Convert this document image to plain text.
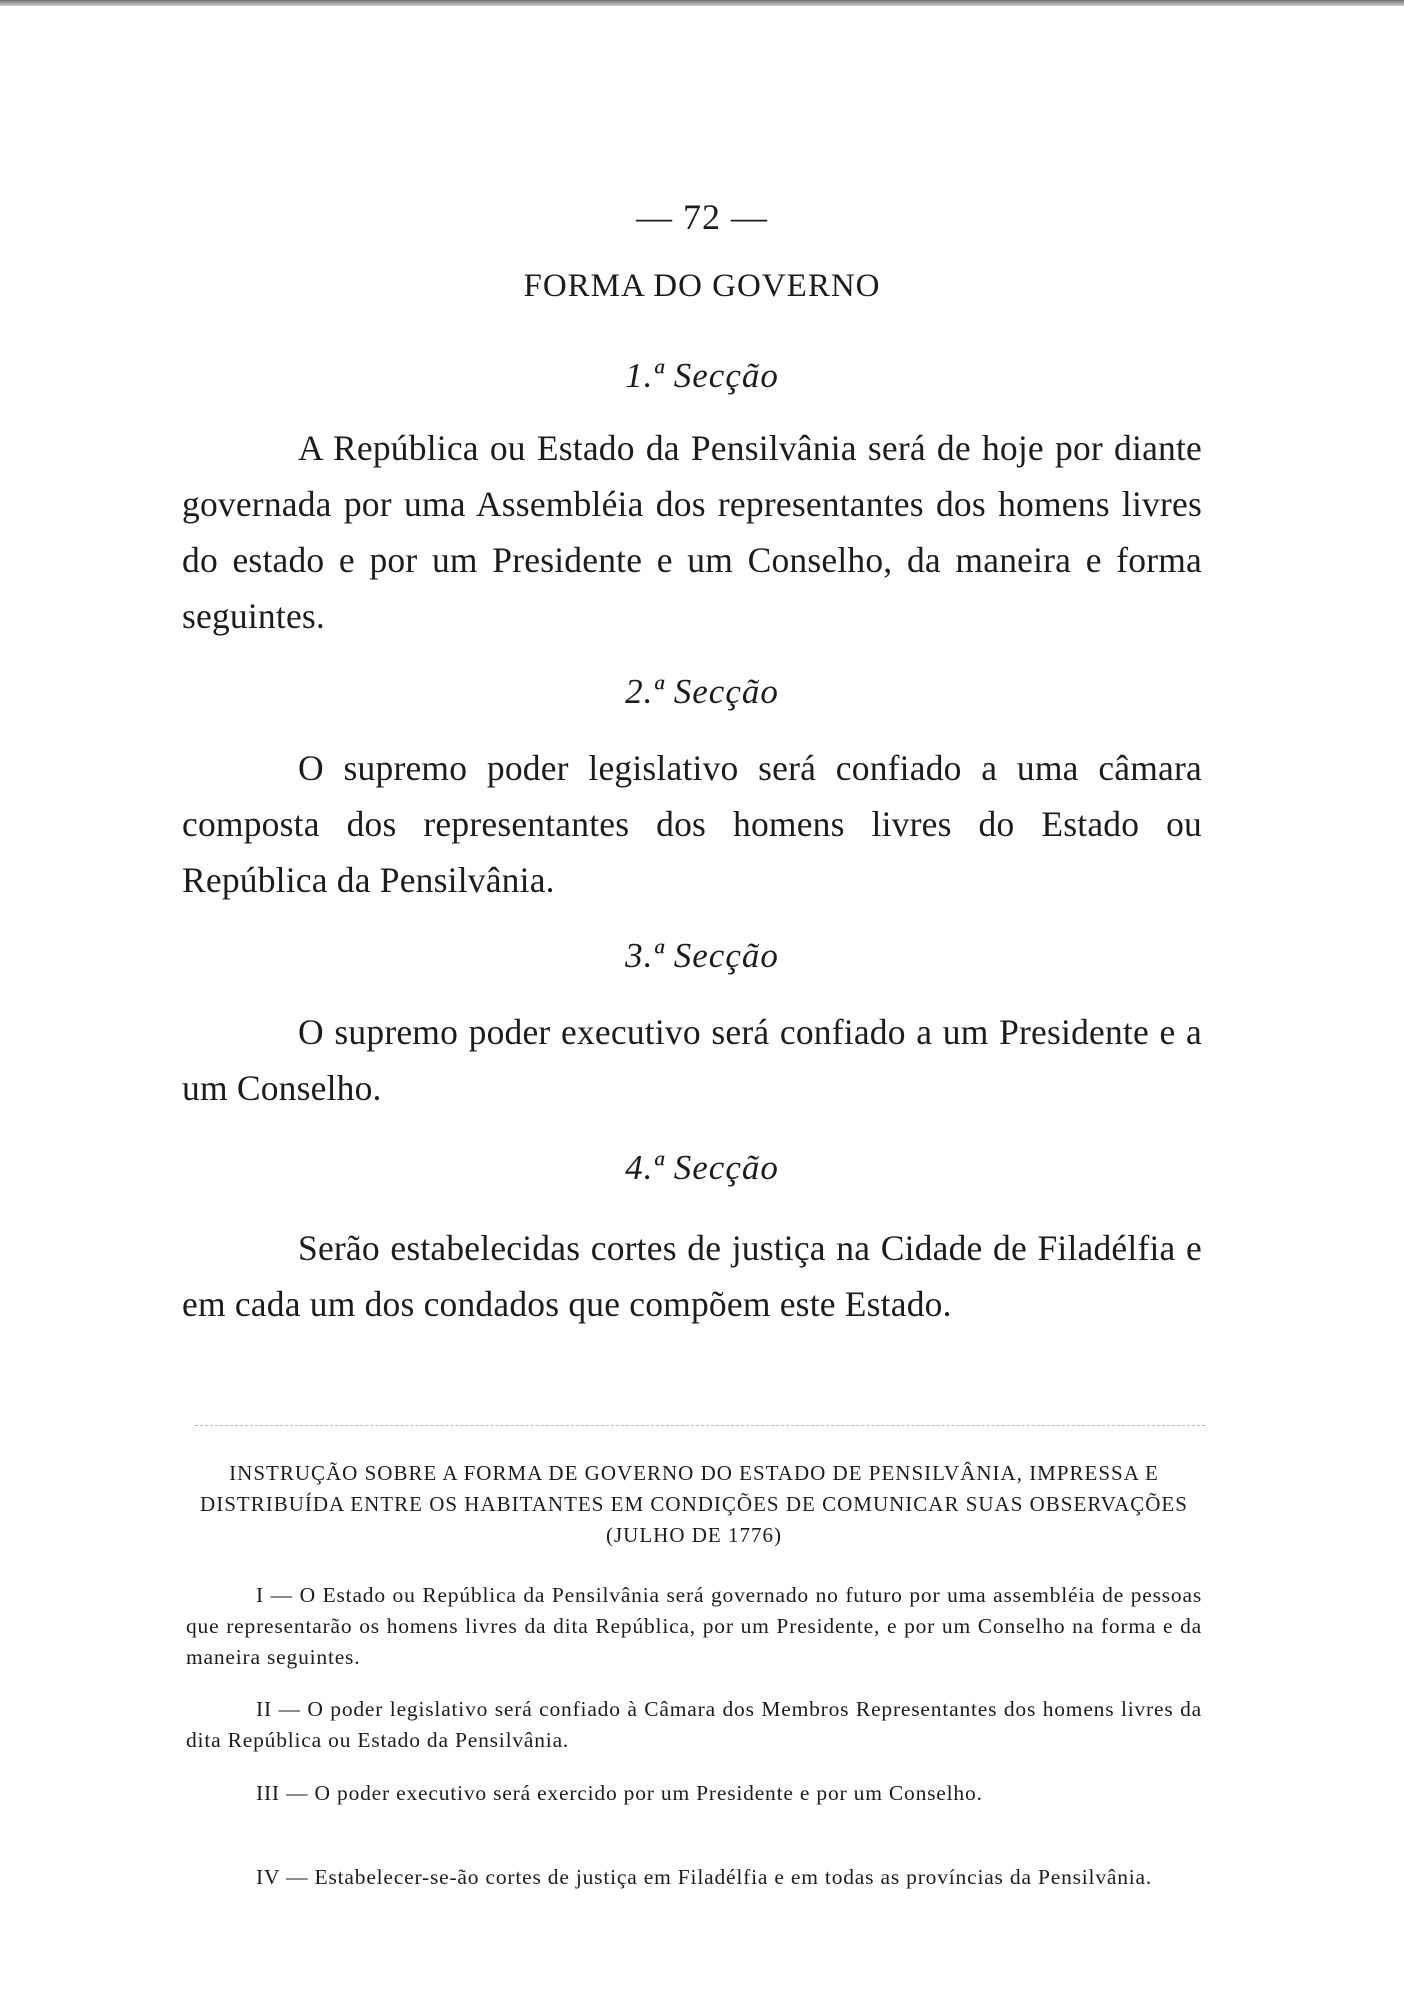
— 72 —
FORMA DO GOVERNO
1.ª Secção

A República ou Estado da Pensilvânia será de hoje por diante governada por uma Assembléia dos representantes dos homens livres do estado e por um Presidente e um Conselho, da maneira e forma seguintes.

2.ª Secção

O supremo poder legislativo será confiado a uma câmara composta dos representantes dos homens livres do Estado ou República da Pensilvânia.

3.ª Secção

O supremo poder executivo será confiado a um Presidente e a um Conselho.

4.ª Secção

Serão estabelecidas cortes de justiça na Cidade de Filadélfia e em cada um dos condados que compõem este Estado.

INSTRUÇÃO SOBRE A FORMA DE GOVERNO DO ESTADO DE PENSILVÂNIA, IMPRESSA E DISTRIBUÍDA ENTRE OS HABITANTES EM CONDIÇÕES DE COMUNICAR SUAS OBSERVAÇÕES (JULHO DE 1776)

I — O Estado ou República da Pensilvânia será governado no futuro por uma assembléia de pessoas que representarão os homens livres da dita República, por um Presidente, e por um Conselho na forma e da maneira seguintes.

II — O poder legislativo será confiado à Câmara dos Membros Representantes dos homens livres da dita República ou Estado da Pensilvânia.

III — O poder executivo será exercido por um Presidente e por um Conselho.

IV — Estabelecer-se-ão cortes de justiça em Filadélfia e em todas as províncias da Pensilvânia.
